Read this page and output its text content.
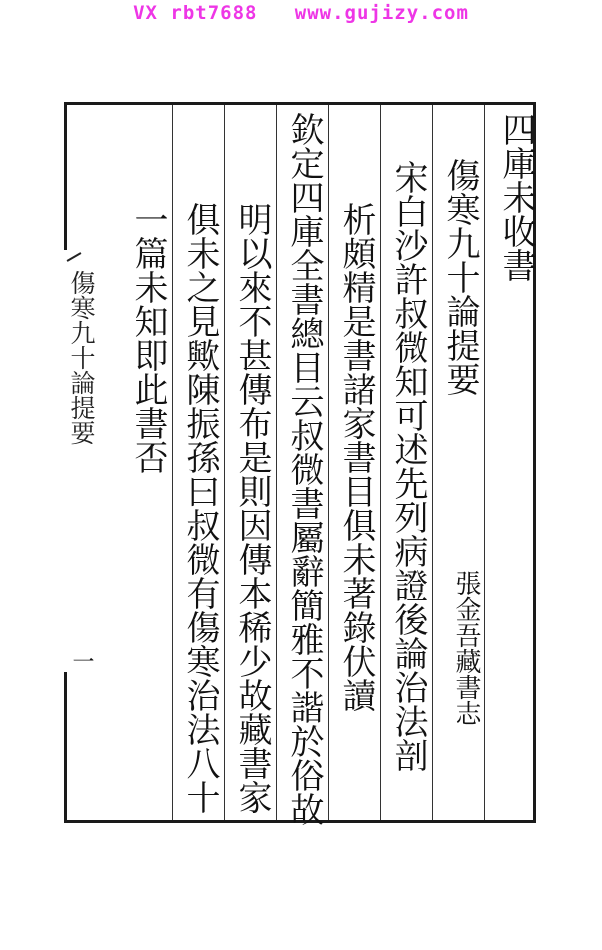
VX rbt7688   www.gujizy.com
四庫未收書
傷寒九十論提要
張金吾藏書志
宋白沙許叔微知可述先列病證後論治法剖
析頗精是書諸家書目俱未著錄伏讀
欽定四庫全書總目云叔微書屬辭簡雅不諧於俗故
明以來不甚傳布是則因傳本稀少故藏書家
俱未之見歟陳振孫曰叔微有傷寒治法八十
一篇未知即此書否
傷寒九十論提要
一
